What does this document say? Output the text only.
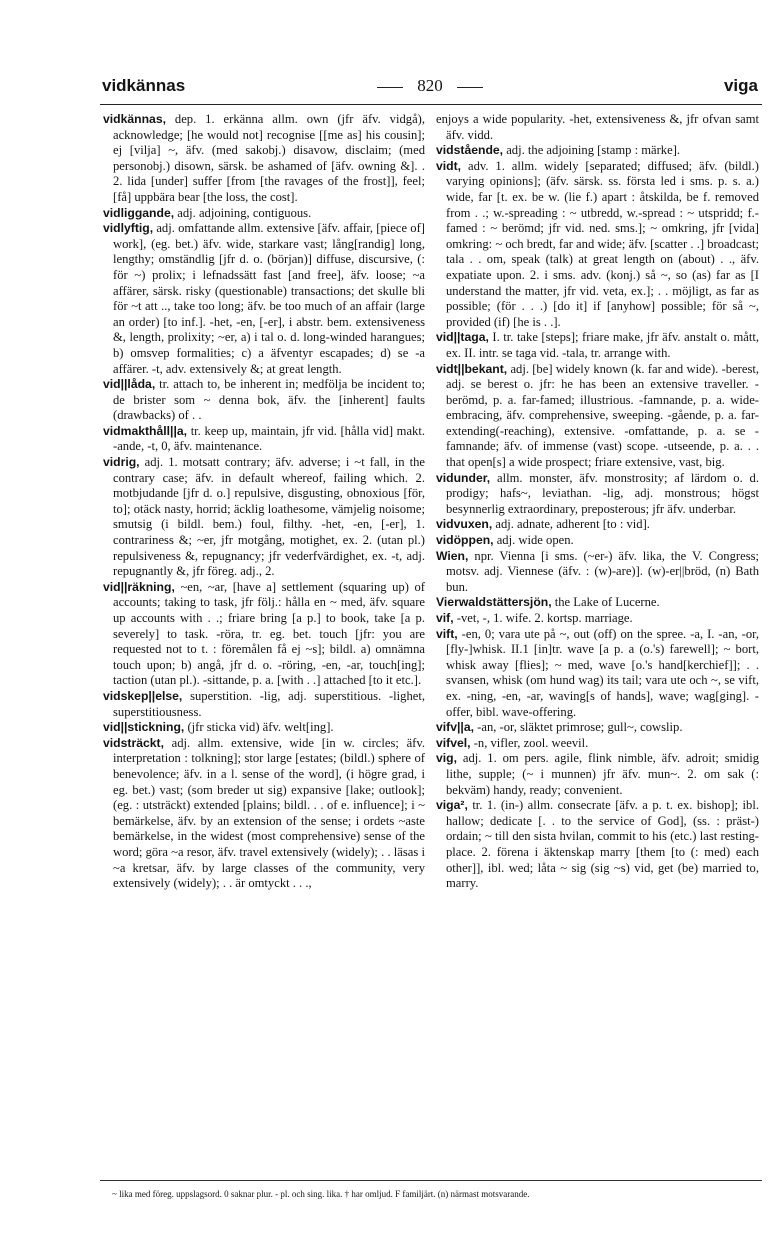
vidkännas	820	viga
vidkännas, dep. 1. erkänna allm. own (jfr äfv. vidgå), acknowledge; [he would not] recognise [[me as] his cousin]; ej [vilja] ~, äfv. (med sakobj.) disavow, disclaim; (med personobj.) disown, särsk. be ashamed of [äfv. owning &]. . 2. lida [under] suffer [from [the ravages of the frost]], feel; [få] uppbära bear [the loss, the cost].
vidliggande, adj. adjoining, contiguous.
vidlyftig, adj. omfattande allm. extensive [äfv. affair, [piece of] work], (eg. bet.) äfv. wide, starkare vast; lång[randig] long, lengthy; omständlig [jfr d. o. (början)] diffuse, discursive, (: för ~) prolix; i lefnadssätt fast [and free], äfv. loose; ~a affärer, särsk. risky (questionable) transactions; det skulle bli för ~t att .., take too long; äfv. be too much of an affair (large an order) [to inf.]. -het, -en, [-er], i abstr. bem. extensiveness &, length, prolixity; ~er, a) i tal o. d. long-winded harangues; b) omsvep formalities; c) a äfventyr escapades; d) se -a affärer. -t, adv. extensively &; at great length.
vid||låda, tr. attach to, be inherent in; medfölja be incident to; de brister som ~ denna bok, äfv. the [inherent] faults (drawbacks) of . .
vidmakthåll||a, tr. keep up, maintain, jfr vid. [hålla vid] makt. -ande, -t, 0, äfv. maintenance.
vidrig, adj. 1. motsatt contrary; äfv. adverse; i ~t fall, in the contrary case; äfv. in default whereof, failing which. 2. motbjudande [jfr d. o.] repulsive, disgusting, obnoxious [för, to]; otäck nasty, horrid; äcklig loathesome, vämjelig noisome; smutsig (i bildl. bem.) foul, filthy. -het, -en, [-er], 1. contrariness &; ~er, jfr motgång, motighet, ex. 2. (utan pl.) repulsiveness &, repugnancy; jfr vederfvärdighet, ex. -t, adj. repugnantly &, jfr föreg. adj., 2.
vid||räkning, ~en, ~ar, [have a] settlement (squaring up) of accounts; taking to task, jfr följ.: hålla en ~ med, äfv. square up accounts with . .; friare bring [a p.] to book, take [a p. severely] to task. -röra, tr. eg. bet. touch [jfr: you are requested not to t. : föremålen få ej ~s]; bildl. a) omnämna touch upon; b) angå, jfr d. o. -röring, -en, -ar, touch[ing]; taction (utan pl.). -sittande, p. a. [with . .] attached [to it etc.].
vidskep||else, superstition. -lig, adj. superstitious. -lighet, superstitiousness.
vid||stickning, (jfr sticka vid) äfv. welt[ing].
vidsträckt, adj. allm. extensive, wide [in w. circles; äfv. interpretation : tolkning]; stor large [estates; (bildl.) sphere of benevolence; äfv. in a l. sense of the word], (i högre grad, i eg. bet.) vast; (som breder ut sig) expansive [lake; outlook]; (eg. : utsträckt) extended [plains; bildl. . . of e. influence]; i ~ bemärkelse, äfv. by an extension of the sense; i ordets ~aste bemärkelse, in the widest (most comprehensive) sense of the word; göra ~a resor, äfv. travel extensively (widely); . . läsas i ~a kretsar, äfv. by large classes of the community, very extensively (widely); . . är omtyckt . . .,
enjoys a wide popularity. -het, extensiveness &, jfr ofvan samt äfv. vidd.
vidstående, adj. the adjoining [stamp : märke].
vidt, adv. 1. allm. widely [separated; diffused; äfv. (bildl.) varying opinions]; (äfv. särsk. ss. första led i sms. p. s. a.) wide, far [t. ex. be w. (lie f.) apart : åtskilda, be f. removed from . .; w.-spreading : ~ utbredd, w.-spread : ~ utspridd; f.-famed : ~ berömd; jfr vid. ned. sms.]; ~ omkring, jfr [vida] omkring: ~ och bredt, far and wide; äfv. [scatter . .] broadcast; tala . . om, speak (talk) at great length on (about) . ., äfv. expatiate upon. 2. i sms. adv. (konj.) så ~, so (as) far as [I understand the matter, jfr vid. veta, ex.]; . . möjligt, as far as possible; (för . . .) [do it] if [anyhow] possible; för så ~, provided (if) [he is . .].
vid||taga, I. tr. take [steps]; friare make, jfr äfv. anstalt o. mått, ex. II. intr. se taga vid. -tala, tr. arrange with.
vidt||bekant, adj. [be] widely known (k. far and wide). -berest, adj. se berest o. jfr: he has been an extensive traveller. -berömd, p. a. far-famed; illustrious. -famnande, p. a. wide-embracing, äfv. comprehensive, sweeping. -gående, p. a. far-extending(-reaching), extensive. -omfattande, p. a. se -famnande; äfv. of immense (vast) scope. -utseende, p. a. . . that open[s] a wide prospect; friare extensive, vast, big.
vidunder, allm. monster, äfv. monstrosity; af lärdom o. d. prodigy; hafs~, leviathan. -lig, adj. monstrous; högst besynnerlig extraordinary, preposterous; jfr äfv. underbar.
vidvuxen, adj. adnate, adherent [to : vid].
vidöppen, adj. wide open.
Wien, npr. Vienna [i sms. (~er-) äfv. lika, the V. Congress; motsv. adj. Viennese (äfv. : (w)-are)]. (w)-er||bröd, (n) Bath bun.
Vierwaldstättersjön, the Lake of Lucerne.
vif, -vet, -, 1. wife. 2. kortsp. marriage.
vift, -en, 0; vara ute på ~, out (off) on the spree. -a, I. -an, -or, [fly-]whisk. II.1 [in]tr. wave [a p. a (o.'s) farewell]; ~ bort, whisk away [flies]; ~ med, wave [o.'s hand[kerchief]]; . . svansen, whisk (om hund wag) its tail; vara ute och ~, se vift, ex. -ning, -en, -ar, waving[s of hands], wave; wag[ging]. -offer, bibl. wave-offering.
vifv||a, -an, -or, släktet primrose; gull~, cowslip.
vifvel, -n, vifler, zool. weevil.
vig, adj. 1. om pers. agile, flink nimble, äfv. adroit; smidig lithe, supple; (~ i munnen) jfr äfv. mun~. 2. om sak (: bekväm) handy, ready; convenient.
viga², tr. 1. (in-) allm. consecrate [äfv. a p. t. ex. bishop]; ibl. hallow; dedicate [. . to the service of God], (ss. : präst-) ordain; ~ till den sista hvilan, commit to his (etc.) last resting-place. 2. förena i äktenskap marry [them [to (: med) each other]], ibl. wed; låta ~ sig (sig ~s) vid, get (be) married to, marry.
~ lika med föreg. uppslagsord. 0 saknar plur. - pl. och sing. lika. † har omljud. F familjärt. (n) närmast motsvarande.
